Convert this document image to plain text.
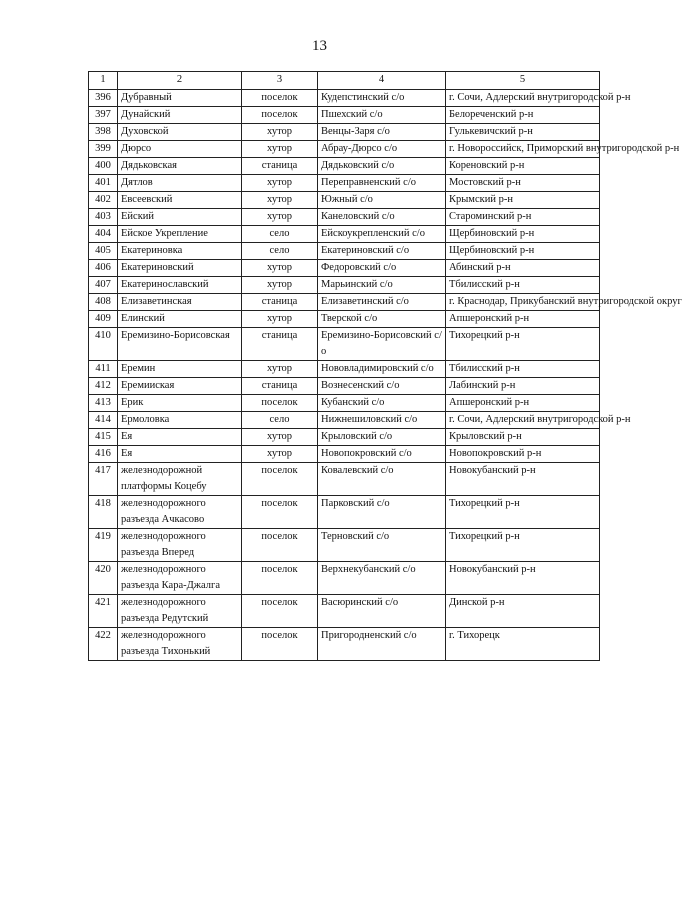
13
1	2	3	4	5
396	Дубравный	поселок	Кудепстинский с/о	г. Сочи, Адлерский внутригородской р-н
397	Дунайский	поселок	Пшехский с/о	Белореченский р-н
398	Духовской	хутор	Венцы-Заря с/о	Гулькевичский р-н
399	Дюрсо	хутор	Абрау-Дюрсо с/о	г. Новороссийск, Приморский внутригородской р-н
400	Дядьковская	станица	Дядьковский с/о	Кореновский р-н
401	Дятлов	хутор	Переправненский с/о	Мостовский р-н
402	Евсеевский	хутор	Южный с/о	Крымский р-н
403	Ейский	хутор	Канеловский с/о	Староминский р-н
404	Ейское Укрепление	село	Ейскоукрепленский с/о	Щербиновский р-н
405	Екатериновка	село	Екатериновский с/о	Щербиновский р-н
406	Екатериновский	хутор	Федоровский с/о	Абинский р-н
407	Екатеринославский	хутор	Марьинский с/о	Тбилисский р-н
408	Елизаветинская	станица	Елизаветинский с/о	г. Краснодар, Прикубанский внутригородской округ
409	Елинский	хутор	Тверской с/о	Апшеронский р-н
410	Еремизино-Борисовская	станица	Еремизино-Борисовский с/о	Тихорецкий р-н
411	Еремин	хутор	Нововладимировский с/о	Тбилисский р-н
412	Еремииская	станица	Вознесенский с/о	Лабинский р-н
413	Ерик	поселок	Кубанский с/о	Апшеронский р-н
414	Ермоловка	село	Нижнешиловский с/о	г. Сочи, Адлерский внутригородской р-н
415	Ея	хутор	Крыловский с/о	Крыловский р-н
416	Ея	хутор	Новопокровский с/о	Новопокровский р-н
417	железнодорожной платформы Коцебу	поселок	Ковалевский с/о	Новокубанский р-н
418	железнодорожного разъезда Ачкасово	поселок	Парковский с/о	Тихорецкий р-н
419	железнодорожного разъезда Вперед	поселок	Терновский с/о	Тихорецкий р-н
420	железнодорожного разъезда Кара-Джалга	поселок	Верхнекубанский с/о	Новокубанский р-н
421	железнодорожного разъезда Редутский	поселок	Васюринский с/о	Динской р-н
422	железнодорожного разъезда Тихонький	поселок	Пригородненский с/о	г. Тихорецк
